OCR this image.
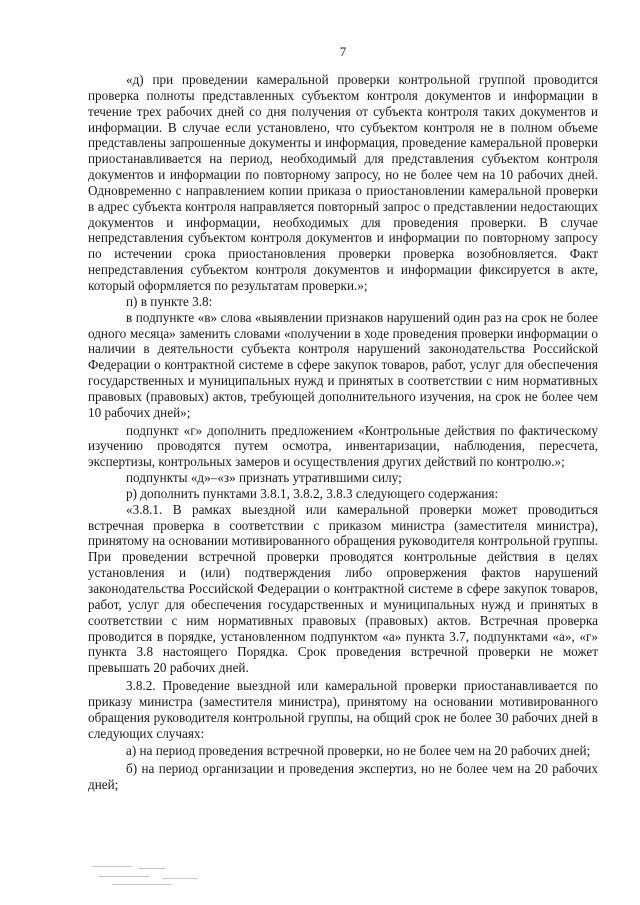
7

«д) при проведении камеральной проверки контрольной группой проводится проверка полноты представленных субъектом контроля документов и информации в течение трех рабочих дней со дня получения от субъекта контроля таких документов и информации. В случае если установлено, что субъектом контроля не в полном объеме представлены запрошенные документы и информация, проведение камеральной проверки приостанавливается на период, необходимый для представления субъектом контроля документов и информации по повторному запросу, но не более чем на 10 рабочих дней. Одновременно с направлением копии приказа о приостановлении камеральной проверки в адрес субъекта контроля направляется повторный запрос о представлении недостающих документов и информации, необходимых для проведения проверки. В случае непредставления субъектом контроля документов и информации по повторному запросу по истечении срока приостановления проверки проверка возобновляется. Факт непредставления субъектом контроля документов и информации фиксируется в акте, который оформляется по результатам проверки.»;

п) в пункте 3.8:

в подпункте «в» слова «выявлении признаков нарушений один раз на срок не более одного месяца» заменить словами «получении в ходе проведения проверки информации о наличии в деятельности субъекта контроля нарушений законодательства Российской Федерации о контрактной системе в сфере закупок товаров, работ, услуг для обеспечения государственных и муниципальных нужд и принятых в соответствии с ним нормативных правовых (правовых) актов, требующей дополнительного изучения, на срок не более чем 10 рабочих дней»;

подпункт «г» дополнить предложением «Контрольные действия по фактическому изучению проводятся путем осмотра, инвентаризации, наблюдения, пересчета, экспертизы, контрольных замеров и осуществления других действий по контролю.»;

подпункты «д»–«з» признать утратившими силу;

р) дополнить пунктами 3.8.1, 3.8.2, 3.8.3 следующего содержания:

«3.8.1. В рамках выездной или камеральной проверки может проводиться встречная проверка в соответствии с приказом министра (заместителя министра), принятому на основании мотивированного обращения руководителя контрольной группы. При проведении встречной проверки проводятся контрольные действия в целях установления и (или) подтверждения либо опровержения фактов нарушений законодательства Российской Федерации о контрактной системе в сфере закупок товаров, работ, услуг для обеспечения государственных и муниципальных нужд и принятых в соответствии с ним нормативных правовых (правовых) актов. Встречная проверка проводится в порядке, установленном подпунктом «а» пункта 3.7, подпунктами «а», «г» пункта 3.8 настоящего Порядка. Срок проведения встречной проверки не может превышать 20 рабочих дней.

3.8.2. Проведение выездной или камеральной проверки приостанавливается по приказу министра (заместителя министра), принятому на основании мотивированного обращения руководителя контрольной группы, на общий срок не более 30 рабочих дней в следующих случаях:

а) на период проведения встречной проверки, но не более чем на 20 рабочих дней;

б) на период организации и проведения экспертиз, но не более чем на 20 рабочих дней;
